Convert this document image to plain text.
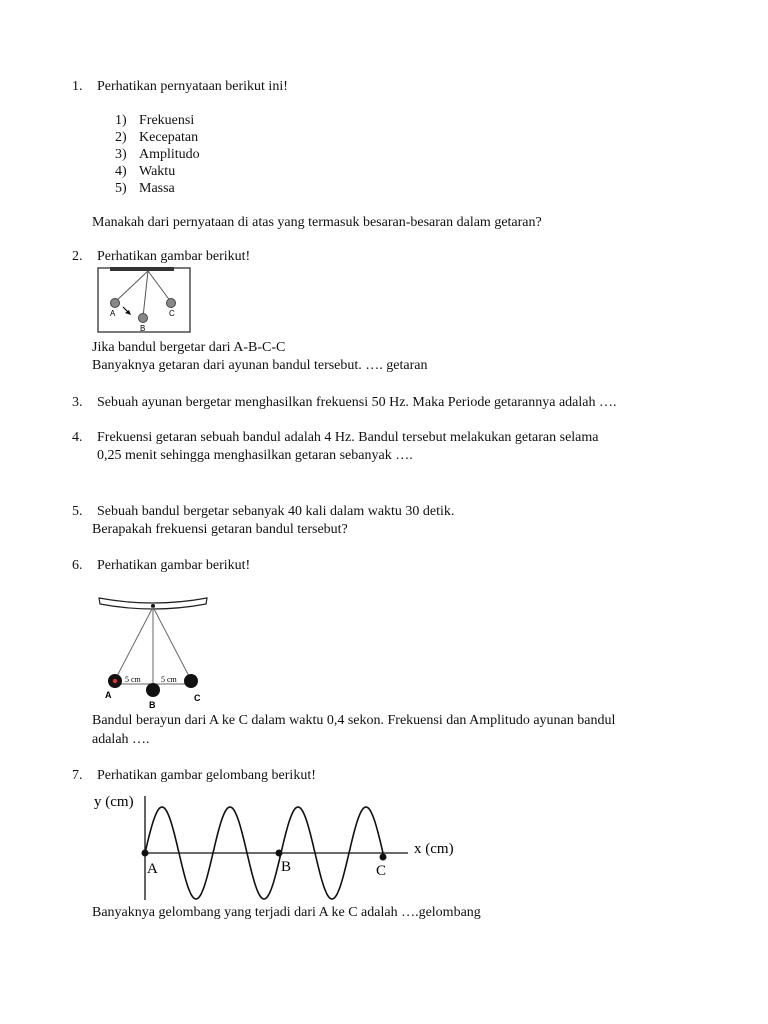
1. Perhatikan pernyataan berikut ini!
1) Frekuensi
2) Kecepatan
3) Amplitudo
4) Waktu
5) Massa
Manakah dari pernyataan di atas yang termasuk besaran-besaran dalam getaran?
2. Perhatikan gambar berikut!
A
B
C
Jika bandul bergetar dari A-B-C-C
Banyaknya getaran dari ayunan bandul tersebut. …. getaran
3. Sebuah ayunan bergetar menghasilkan frekuensi 50 Hz. Maka Periode getarannya adalah ….
4. Frekuensi getaran sebuah bandul adalah 4 Hz. Bandul tersebut melakukan getaran selama
0,25 menit sehingga menghasilkan getaran sebanyak ….
5. Sebuah bandul bergetar sebanyak 40 kali dalam waktu 30 detik.
Berapakah frekuensi getaran bandul tersebut?
6. Perhatikan gambar berikut!
5 cm	5 cm
A
B
C
Bandul berayun dari A ke C dalam waktu 0,4 sekon. Frekuensi dan Amplitudo ayunan bandul
adalah ….
7. Perhatikan gambar gelombang berikut!
y (cm)
x (cm)
A	B	C
Banyaknya gelombang yang terjadi dari A ke C adalah ….gelombang
